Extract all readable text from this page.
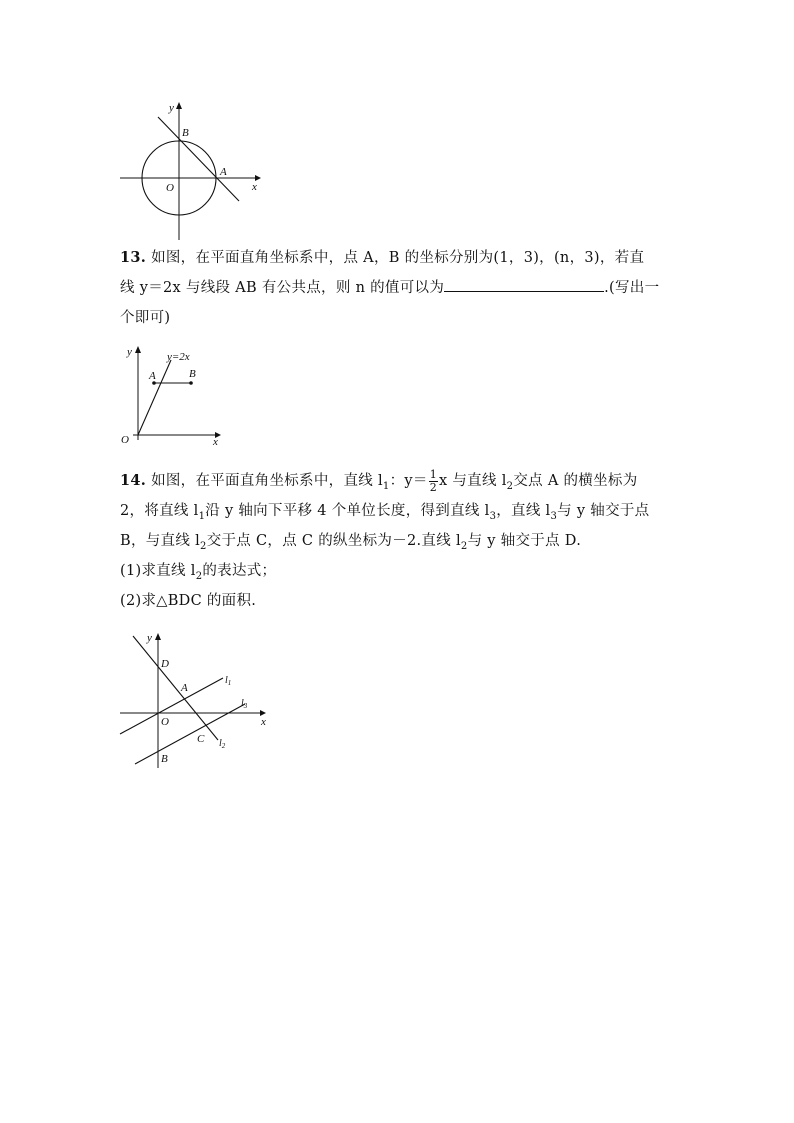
y
B
A
O	x
13. 如图，在平面直角坐标系中，点 A，B 的坐标分别为(1，3)，(n，3)，若直
线 y＝2x 与线段 AB 有公共点，则 n 的值可以为	.(写出一
个即可)
y	y=2x
A	B
O	x
14. 如图，在平面直角坐标系中，直线 $l_1$：$y= \frac{1}{2}$ x 与直线 $l_2$交点 A 的横坐标为
2，将直线 $l_1$沿 y 轴向下平移 4 个单位长度，得到直线 $l_3$，直线 $l_3$与 y 轴交于点
B，与直线 $l_2$交于点 C，点 C 的纵坐标为－2.直线 $l_2$与 y 轴交于点 D.
(1)求直线 $l_2$的表达式；
(2)求△BDC 的面积.
y
D
A
O	x
C
B
$l_1$
$l_3$
$l_2$
